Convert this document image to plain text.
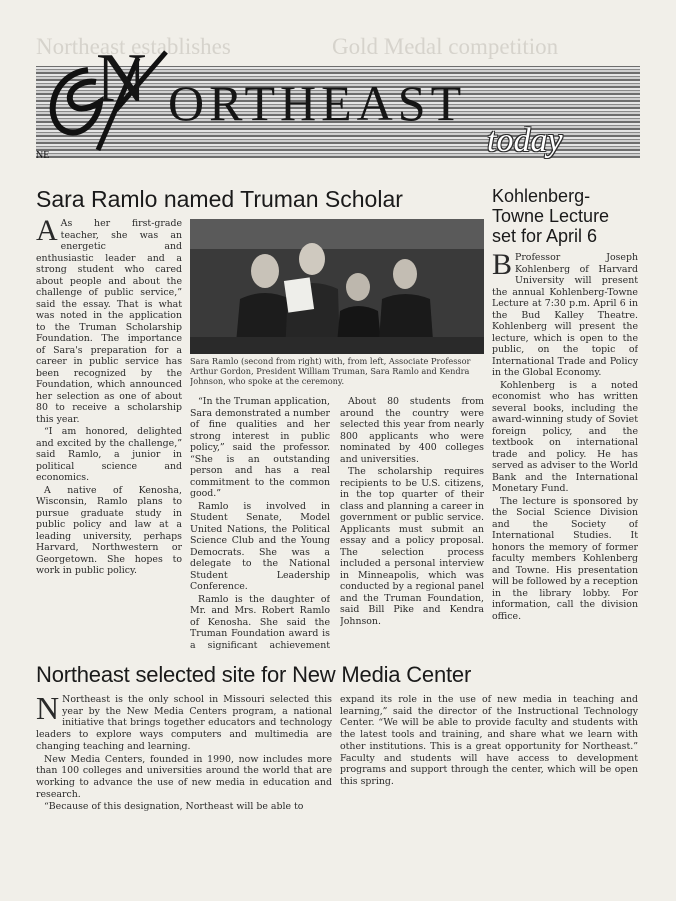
Northeast establishes	Gold Medal competition
NE
N ORTHEAST
today
Sara Ramlo named Truman Scholar

A As her first-grade teacher, she was an energetic and enthusiastic leader and a strong student who cared about people and about the challenge of public service,” said the essay. That is what was noted in the application to the Truman Scholarship Foundation. The importance of Sara's preparation for a career in public service has been recognized by the Foundation, which announced her selection as one of about 80 to receive a scholarship this year.

“I am honored, delighted and excited by the challenge,” said Ramlo, a junior in political science and economics.

A native of Kenosha, Wisconsin, Ramlo plans to pursue graduate study in public policy and law at a leading university, perhaps Harvard, Northwestern or Georgetown. She hopes to work in public policy.

Sara Ramlo (second from right) with, from left, Associate Professor Arthur Gordon, President William Truman, Sara Ramlo and Kendra Johnson, who spoke at the ceremony.

“In the Truman application, Sara demonstrated a number of fine qualities and her strong interest in public policy,” said the professor. “She is an outstanding person and has a real commitment to the common good.”

Ramlo is involved in Student Senate, Model United Nations, the Political Science Club and the Young Democrats. She was a delegate to the National Student Leadership Conference.

Ramlo is the daughter of Mr. and Mrs. Robert Ramlo of Kenosha. She said the Truman Foundation award is a significant achievement

About 80 students from around the country were selected this year from nearly 800 applicants who were nominated by 400 colleges and universities.

The scholarship requires recipients to be U.S. citizens, in the top quarter of their class and planning a career in government or public service. Applicants must submit an essay and a policy proposal. The selection process included a personal interview in Minneapolis, which was conducted by a regional panel and the Truman Foundation, said Bill Pike and Kendra Johnson.

Kohlenberg-Towne Lecture set for April 6

B Professor Joseph Kohlenberg of Harvard University will present the annual Kohlenberg-Towne Lecture at 7:30 p.m. April 6 in the Bud Kalley Theatre. Kohlenberg will present the lecture, which is open to the public, on the topic of International Trade and Policy in the Global Economy.

Kohlenberg is a noted economist who has written several books, including the award-winning study of Soviet foreign policy, and the textbook on international trade and policy. He has served as adviser to the World Bank and the International Monetary Fund.

The lecture is sponsored by the Social Science Division and the Society of International Studies. It honors the memory of former faculty members Kohlenberg and Towne. His presentation will be followed by a reception in the library lobby. For information, call the division office.

Northeast selected site for New Media Center

N Northeast is the only school in Missouri selected this year by the New Media Centers program, a national initiative that brings together educators and technology leaders to explore ways computers and multimedia are changing teaching and learning.

New Media Centers, founded in 1990, now includes more than 100 colleges and universities around the world that are working to advance the use of new media in education and research.

“Because of this designation, Northeast will be able to

expand its role in the use of new media in teaching and learning,” said the director of the Instructional Technology Center. “We will be able to provide faculty and students with the latest tools and training, and share what we learn with other institutions. This is a great opportunity for Northeast.” Faculty and students will have access to development programs and support through the center, which will be open this spring.
